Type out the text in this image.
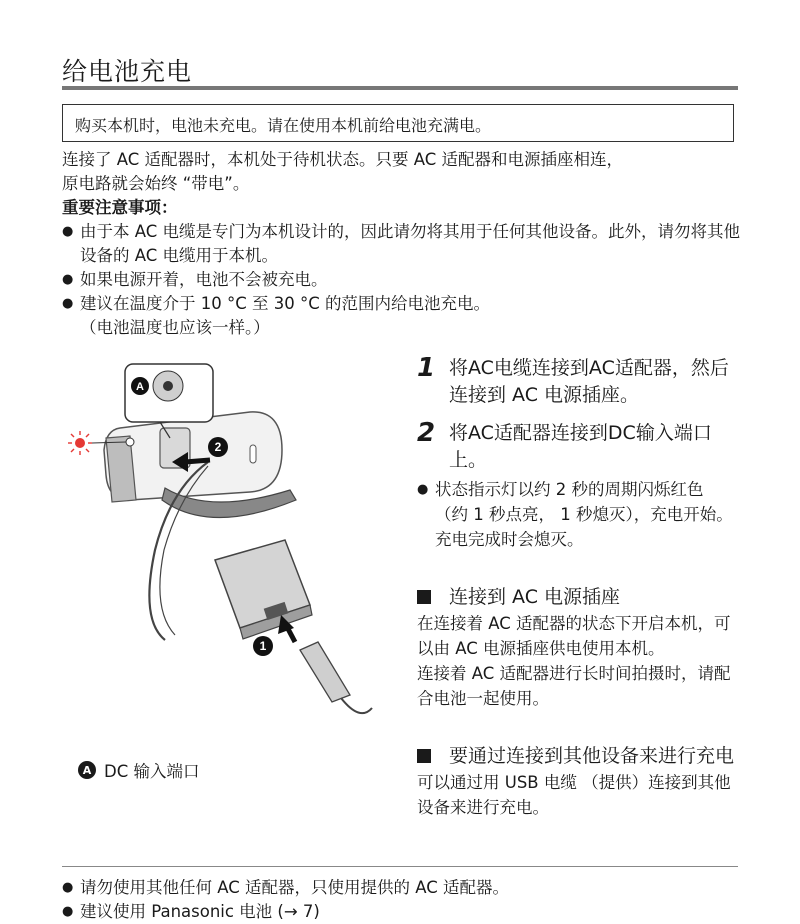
给电池充电
购买本机时，电池未充电。请在使用本机前给电池充满电。
连接了 AC 适配器时，本机处于待机状态。只要 AC 适配器和电源插座相连，
原电路就会始终 “带电”。
重要注意事项：
● 由于本 AC 电缆是专门为本机设计的，因此请勿将其用于任何其他设备。此外，请勿将其他设备的 AC 电缆用于本机。
● 如果电源开着，电池不会被充电。
● 建议在温度介于 10 °C 至 30 °C 的范围内给电池充电。
（电池温度也应该一样。）
A
2
1
1 将AC电缆连接到AC适配器，然后连接到 AC 电源插座。
2 将AC适配器连接到DC输入端口上。
● 状态指示灯以约 2 秒的周期闪烁红色 （约 1 秒点亮， 1 秒熄灭），充电开始。
充电完成时会熄灭。
连接到 AC 电源插座
在连接着 AC 适配器的状态下开启本机，可以由 AC 电源插座供电使用本机。
连接着 AC 适配器进行长时间拍摄时，请配合电池一起使用。
要通过连接到其他设备来进行充电
可以通过用 USB 电缆 （提供）连接到其他设备来进行充电。
A DC 输入端口
● 请勿使用其他任何 AC 适配器，只使用提供的 AC 适配器。
● 建议使用 Panasonic 电池 (→ 7)
